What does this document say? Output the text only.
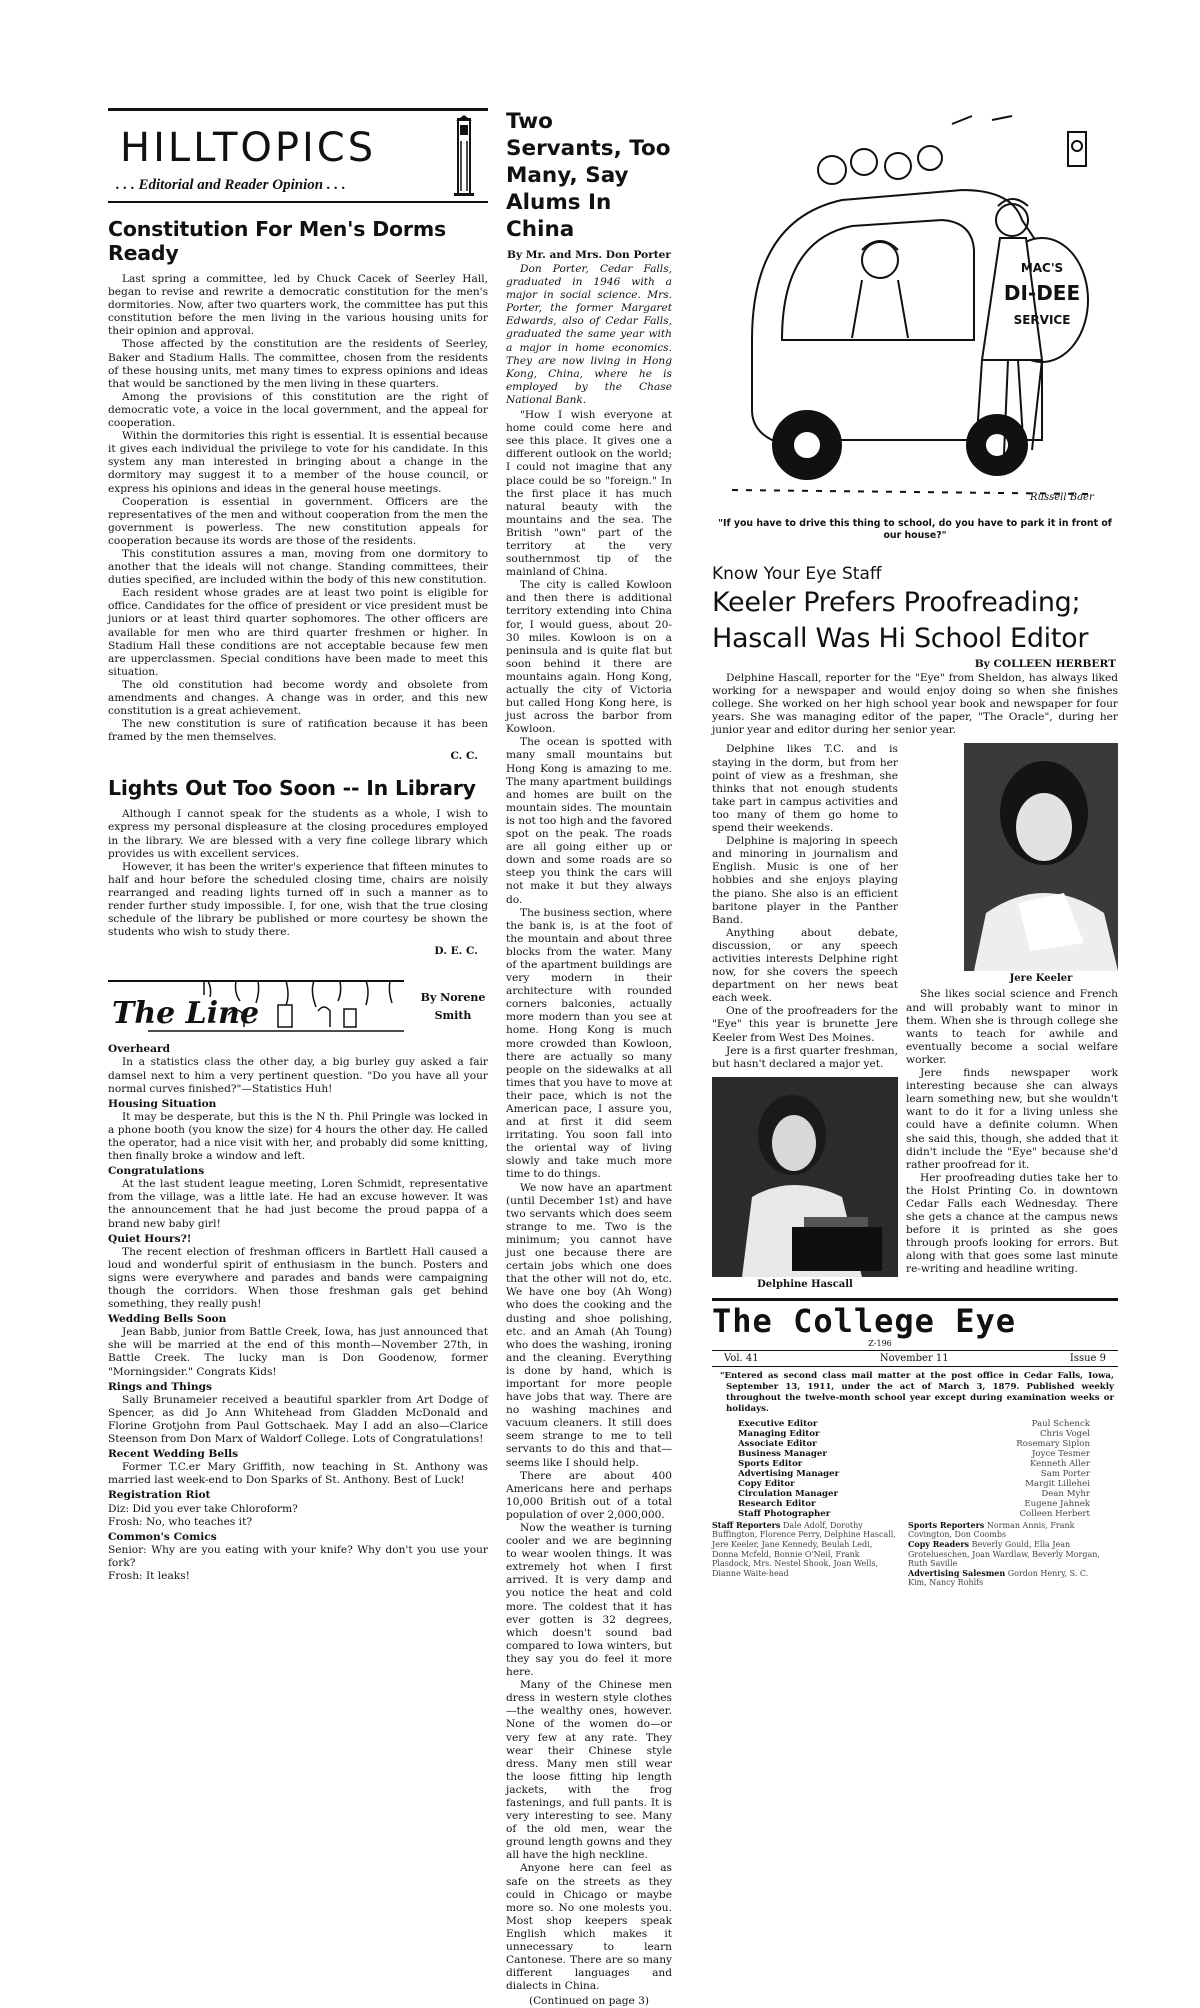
HILLTOPICS
. . . Editorial and Reader Opinion . . .
Constitution For Men's Dorms Ready

Last spring a committee, led by Chuck Cacek of Seerley Hall, began to revise and rewrite a democratic constitution for the men's dormitories. Now, after two quarters work, the committee has put this constitution before the men living in the various housing units for their opinion and approval.

Those affected by the constitution are the residents of Seerley, Baker and Stadium Halls. The committee, chosen from the residents of these housing units, met many times to express opinions and ideas that would be sanctioned by the men living in these quarters.

Among the provisions of this constitution are the right of democratic vote, a voice in the local government, and the appeal for cooperation.

Within the dormitories this right is essential. It is essential because it gives each individual the privilege to vote for his candidate. In this system any man interested in bringing about a change in the dormitory may suggest it to a member of the house council, or express his opinions and ideas in the general house meetings.

Cooperation is essential in government. Officers are the representatives of the men and without cooperation from the men the government is powerless. The new constitution appeals for cooperation because its words are those of the residents.

This constitution assures a man, moving from one dormitory to another that the ideals will not change. Standing committees, their duties specified, are included within the body of this new constitution.

Each resident whose grades are at least two point is eligible for office. Candidates for the office of president or vice president must be juniors or at least third quarter sophomores. The other officers are available for men who are third quarter freshmen or higher. In Stadium Hall these conditions are not acceptable because few men are upperclassmen. Special conditions have been made to meet this situation.

The old constitution had become wordy and obsolete from amendments and changes. A change was in order, and this new constitution is a great achievement.

The new constitution is sure of ratification because it has been framed by the men themselves.

C. C.
Lights Out Too Soon -- In Library

Although I cannot speak for the students as a whole, I wish to express my personal displeasure at the closing procedures employed in the library. We are blessed with a very fine college library which provides us with excellent services.

However, it has been the writer's experience that fifteen minutes to half and hour before the scheduled closing time, chairs are noisily rearranged and reading lights turned off in such a manner as to render further study impossible. I, for one, wish that the true closing schedule of the library be published or more courtesy be shown the students who wish to study there.

D. E. C.
The Line	By Norene
Smith

Overheard

In a statistics class the other day, a big burley guy asked a fair damsel next to him a very pertinent question. "Do you have all your normal curves finished?"—Statistics Huh!

Housing Situation

It may be desperate, but this is the N th. Phil Pringle was locked in a phone booth (you know the size) for 4 hours the other day. He called the operator, had a nice visit with her, and probably did some knitting, then finally broke a window and left.

Congratulations

At the last student league meeting, Loren Schmidt, representative from the village, was a little late. He had an excuse however. It was the announcement that he had just become the proud pappa of a brand new baby girl!

Quiet Hours?!

The recent election of freshman officers in Bartlett Hall caused a loud and wonderful spirit of enthusiasm in the bunch. Posters and signs were everywhere and parades and bands were campaigning though the corridors. When those freshman gals get behind something, they really push!

Wedding Bells Soon

Jean Babb, junior from Battle Creek, Iowa, has just announced that she will be married at the end of this month—November 27th, in Battle Creek. The lucky man is Don Goodenow, former "Morningsider." Congrats Kids!

Rings and Things

Sally Brunameier received a beautiful sparkler from Art Dodge of Spencer, as did Jo Ann Whitehead from Gladden McDonald and Florine Grotjohn from Paul Gottschaek. May I add an also—Clarice Steenson from Don Marx of Waldorf College. Lots of Congratulations!

Recent Wedding Bells

Former T.C.er Mary Griffith, now teaching in St. Anthony was married last week-end to Don Sparks of St. Anthony. Best of Luck!

Registration Riot

Diz: Did you ever take Chloroform?

Frosh: No, who teaches it?

Common's Comics

Senior: Why are you eating with your knife? Why don't you use your fork?

Frosh: It leaks!

Two Servants, Too Many, Say Alums In China
By Mr. and Mrs. Don Porter
Don Porter, Cedar Falls, graduated in 1946 with a major in social science. Mrs. Porter, the former Margaret Edwards, also of Cedar Falls, graduated the same year with a major in home economics. They are now living in Hong Kong, China, where he is employed by the Chase National Bank.

"How I wish everyone at home could come here and see this place. It gives one a different outlook on the world; I could not imagine that any place could be so "foreign." In the first place it has much natural beauty with the mountains and the sea. The British "own" part of the territory at the very southernmost tip of the mainland of China.

The city is called Kowloon and then there is additional territory extending into China for, I would guess, about 20-30 miles. Kowloon is on a peninsula and is quite flat but soon behind it there are mountains again. Hong Kong, actually the city of Victoria but called Hong Kong here, is just across the barbor from Kowloon.

The ocean is spotted with many small mountains but Hong Kong is amazing to me. The many apartment buildings and homes are built on the mountain sides. The mountain is not too high and the favored spot on the peak. The roads are all going either up or down and some roads are so steep you think the cars will not make it but they always do.

The business section, where the bank is, is at the foot of the mountain and about three blocks from the water. Many of the apartment buildings are very modern in their architecture with rounded corners balconies, actually more modern than you see at home. Hong Kong is much more crowded than Kowloon, there are actually so many people on the sidewalks at all times that you have to move at their pace, which is not the American pace, I assure you, and at first it did seem irritating. You soon fall into the oriental way of living slowly and take much more time to do things.

We now have an apartment (until December 1st) and have two servants which does seem strange to me. Two is the minimum; you cannot have just one because there are certain jobs which one does that the other will not do, etc. We have one boy (Ah Wong) who does the cooking and the dusting and shoe polishing, etc. and an Amah (Ah Toung) who does the washing, ironing and the cleaning. Everything is done by hand, which is important for more people have jobs that way. There are no washing machines and vacuum cleaners. It still does seem strange to me to tell servants to do this and that—seems like I should help.

There are about 400 Americans here and perhaps 10,000 British out of a total population of over 2,000,000.

Now the weather is turning cooler and we are beginning to wear woolen things. It was extremely hot when I first arrived. It is very damp and you notice the heat and cold more. The coldest that it has ever gotten is 32 degrees, which doesn't sound bad compared to Iowa winters, but they say you do feel it more here.

Many of the Chinese men dress in western style clothes—the wealthy ones, however. None of the women do—or very few at any rate. They wear their Chinese style dress. Many men still wear the loose fitting hip length jackets, with the frog fastenings, and full pants. It is very interesting to see. Many of the old men, wear the ground length gowns and they all have the high neckline.

Anyone here can feel as safe on the streets as they could in Chicago or maybe more so. No one molests you. Most shop keepers speak English which makes it unnecessary to learn Cantonese. There are so many different languages and dialects in China.

(Continued on page 3)

MAC'S
DI-DEE
SERVICE
Russell Baer
"If you have to drive this thing to school, do you have to park it in front of our house?"
Know Your Eye Staff
Keeler Prefers Proofreading;
Hascall Was Hi School Editor
By COLLEEN HERBERT

Delphine Hascall, reporter for the "Eye" from Sheldon, has always liked working for a newspaper and would enjoy doing so when she finishes college. She worked on her high school year book and newspaper for four years. She was managing editor of the paper, "The Oracle", during her junior year and editor during her senior year.

Delphine likes T.C. and is staying in the dorm, but from her point of view as a freshman, she thinks that not enough students take part in campus activities and too many of them go home to spend their weekends.

Delphine is majoring in speech and minoring in journalism and English. Music is one of her hobbies and she enjoys playing the piano. She also is an efficient baritone player in the Panther Band.

Anything about debate, discussion, or any speech activities interests Delphine right now, for she covers the speech department on her news beat each week.

One of the proofreaders for the "Eye" this year is brunette Jere Keeler from West Des Moines.

Jere is a first quarter freshman, but hasn't declared a major yet.

Delphine Hascall
Jere Keeler

She likes social science and French and will probably want to minor in them. When she is through college she wants to teach for awhile and eventually become a social welfare worker.

Jere finds newspaper work interesting because she can always learn something new, but she wouldn't want to do it for a living unless she could have a definite column. When she said this, though, she added that it didn't include the "Eye" because she'd rather proofread for it.

Her proofreading duties take her to the Holst Printing Co. in downtown Cedar Falls each Wednesday. There she gets a chance at the campus news before it is printed as she goes through proofs looking for errors. But along with that goes some last minute re-writing and headline writing.

The College Eye
Z-196
Vol. 41	November 11	Issue 9
"Entered as second class mail matter at the post office in Cedar Falls, Iowa, September 13, 1911, under the act of March 3, 1879. Published weekly throughout the twelve-month school year except during examination weeks or holidays.
Executive Editor	Paul Schenck
Managing Editor	Chris Vogel
Associate Editor	Rosemary Siplon
Business Manager	Joyce Tesmer
Sports Editor	Kenneth Aller
Advertising Manager	Sam Porter
Copy Editor	Margit Lillehei
Circulation Manager	Dean Myhr
Research Editor	Eugene Jahnek
Staff Photographer	Colleen Herbert
Staff Reporters Dale Adolf, Dorothy Buffington, Florence Perry, Delphine Hascall, Jere Keeler, Jane Kennedy, Beulah Ledi, Donna Mcfeld, Bonnie O'Neil, Frank Plasdock, Mrs. Nestel Shook, Joan Wells, Dianne Waite-head
Sports Reporters Norman Annis, Frank Covington, Don Coombs
Copy Readers Beverly Gould, Ella Jean Grotelueschen, Joan Wardlaw, Beverly Morgan, Ruth Saville
Advertising Salesmen Gordon Henry, S. C. Kim, Nancy Rohlfs
